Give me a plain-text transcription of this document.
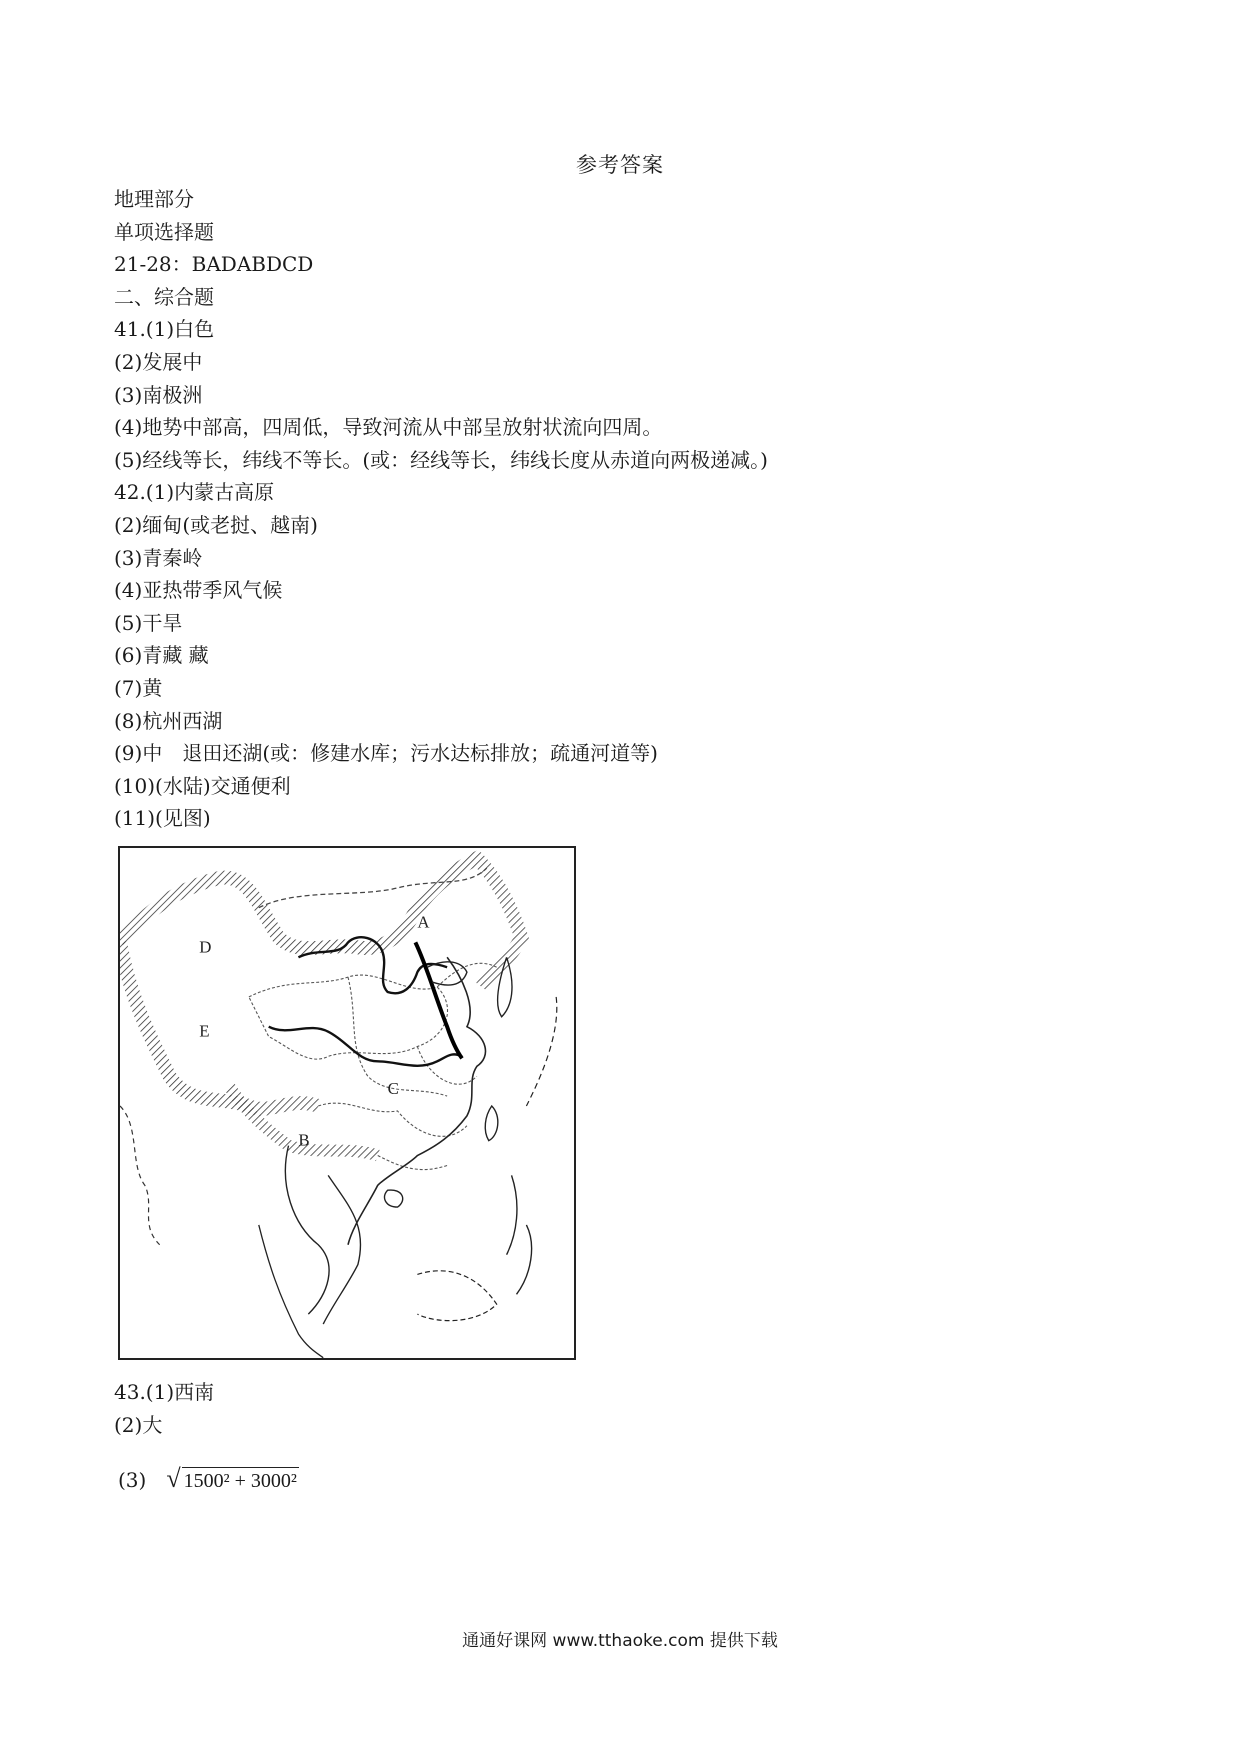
参考答案
地理部分
单项选择题
21-28：BADABDCD
二、综合题
41.(1)白色
(2)发展中
(3)南极洲
(4)地势中部高，四周低，导致河流从中部呈放射状流向四周。
(5)经线等长，纬线不等长。(或：经线等长，纬线长度从赤道向两极递减。)
42.(1)内蒙古高原
(2)缅甸(或老挝、越南)
(3)青秦岭
(4)亚热带季风气候
(5)干旱
(6)青藏 藏
(7)黄
(8)杭州西湖
(9)中　退田还湖(或：修建水库；污水达标排放；疏通河道等)
(10)(水陆)交通便利
(11)(见图)
A
B
C
D
E
43.(1)西南
(2)大
(3) √ 1500² + 3000²
通通好课网 www.tthaoke.com 提供下载
